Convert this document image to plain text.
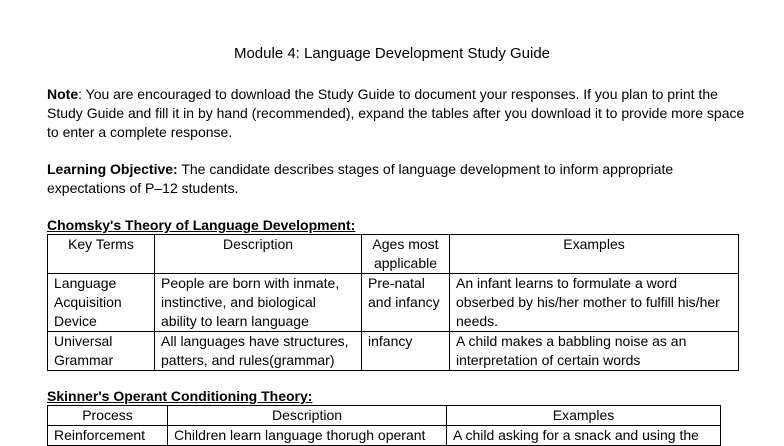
Module 4: Language Development Study Guide
Note: You are encouraged to download the Study Guide to document your responses. If you plan to print the Study Guide and fill it in by hand (recommended), expand the tables after you download it to provide more space to enter a complete response.
Learning Objective: The candidate describes stages of language development to inform appropriate expectations of P–12 students.
Chomsky's Theory of Language Development:
Key Terms	Description	Ages most applicable	Examples
Language Acquisition Device	People are born with inmate, instinctive, and biological ability to learn language	Pre-natal and infancy	An infant learns to formulate a word obserbed by his/her mother to fulfill his/her needs.
Universal Grammar	All languages have structures, patters, and rules(grammar)	infancy	A child makes a babbling noise as an interpretation of certain words
Skinner's Operant Conditioning Theory:
Process	Description	Examples
Reinforcement	Children learn language thorugh operant	A child asking for a snack and using the
